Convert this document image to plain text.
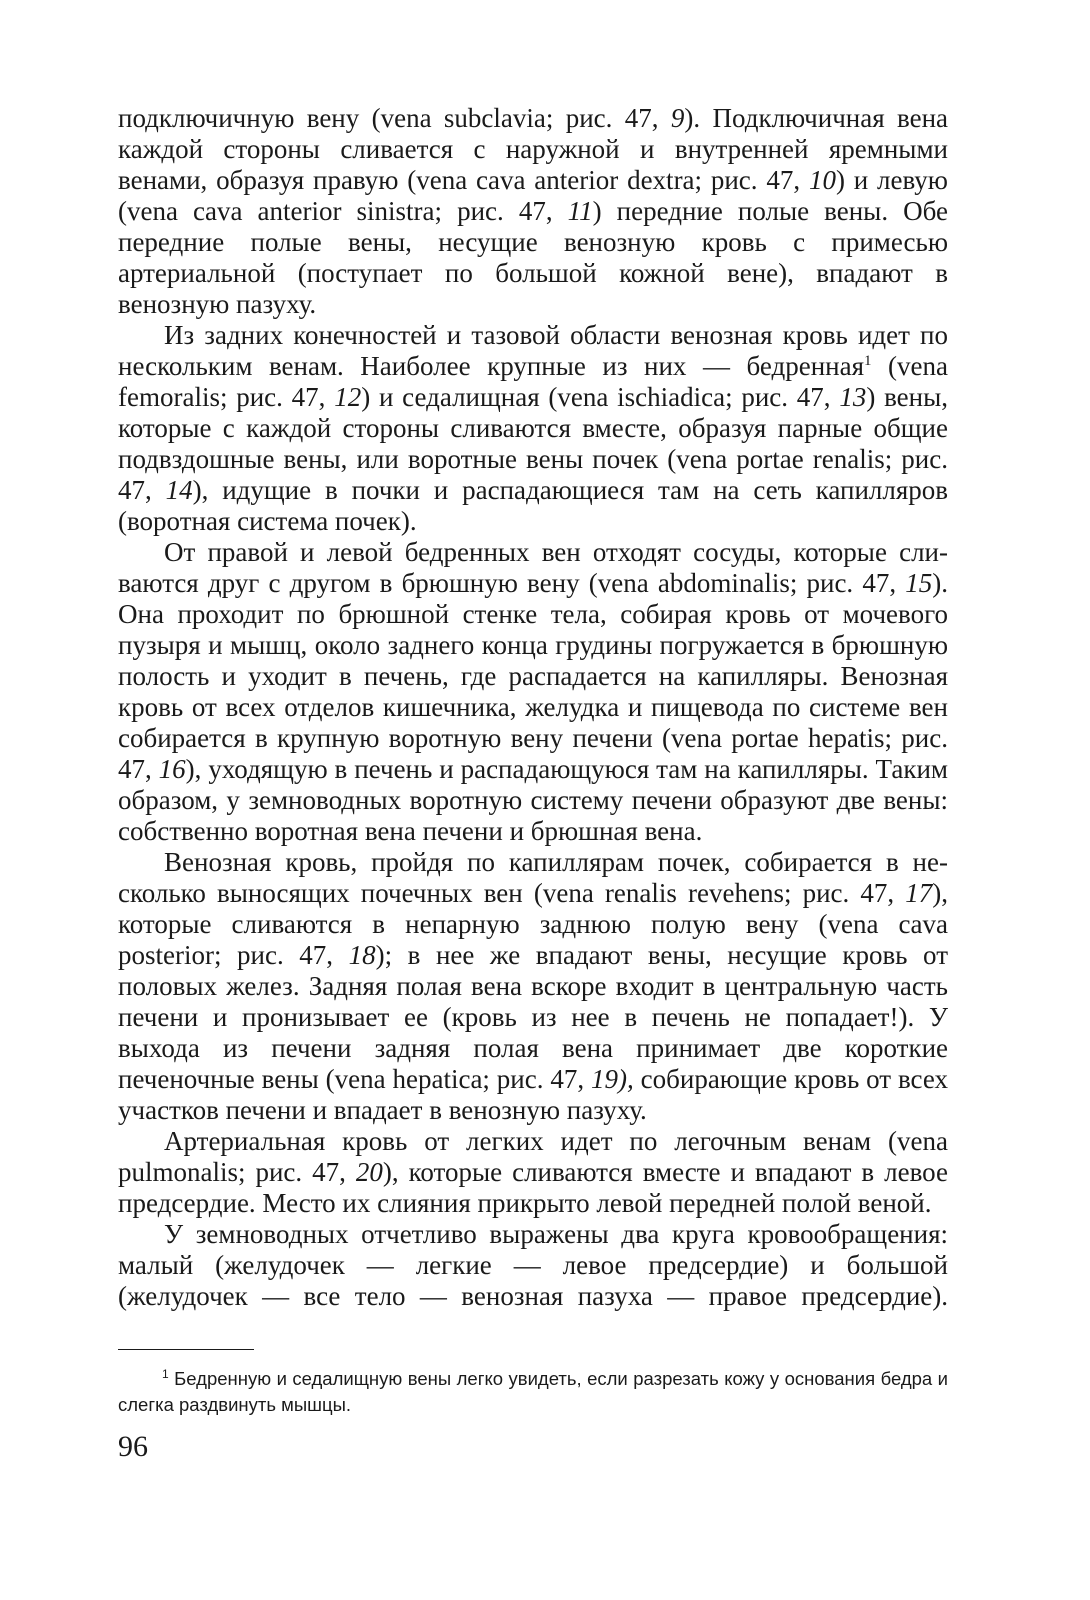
подключичную вену (vena subclavia; рис. 47, 9). Подключичная вена каждой стороны сливается с наружной и внутренней яремными венами, образуя правую (vena cava anterior dextra; рис. 47, 10) и левую (vena cava anterior sinistra; рис. 47, 11) передние полые вены. Обе передние полые вены, несущие венозную кровь с примесью артериальной (поступает по большой кожной вене), впадают в венозную пазуху.

Из задних конечностей и тазовой области венозная кровь идет по нескольким венам. Наиболее крупные из них — бедренная$^1$ (vena femoralis; рис. 47, 12) и седалищная (vena ischiadica; рис. 47, 13) вены, которые с каждой стороны сливаются вместе, образуя парные общие подвздошные вены, или воротные вены почек (vena portae renalis; рис. 47, 14), идущие в почки и распадающиеся там на сеть капилляров (воротная система почек).

От правой и левой бедренных вен отходят сосуды, которые сливаются друг с другом в брюшную вену (vena abdominalis; рис. 47, 15). Она проходит по брюшной стенке тела, собирая кровь от мочевого пузыря и мышц, около заднего конца грудины погружается в брюшную полость и уходит в печень, где распадается на капилляры. Венозная кровь от всех отделов кишечника, желудка и пищевода по системе вен собирается в крупную воротную вену печени (vena portae hepatis; рис. 47, 16), уходящую в печень и распадающуюся там на капилляры. Таким образом, у земноводных воротную систему печени образуют две вены: собственно воротная вена печени и брюшная вена.

Венозная кровь, пройдя по капиллярам почек, собирается в несколько выносящих почечных вен (vena renalis revehens; рис. 47, 17), которые сливаются в непарную заднюю полую вену (vena cava posterior; рис. 47, 18); в нее же впадают вены, несущие кровь от половых желез. Задняя полая вена вскоре входит в центральную часть печени и пронизывает ее (кровь из нее в печень не попадает!). У выхода из печени задняя полая вена принимает две короткие печеночные вены (vena hepatica; рис. 47, 19), собирающие кровь от всех участков печени и впадает в венозную пазуху.

Артериальная кровь от легких идет по легочным венам (vena pulmonalis; рис. 47, 20), которые сливаются вместе и впадают в левое предсердие. Место их слияния прикрыто левой передней полой веной.

У земноводных отчетливо выражены два круга кровообращения: малый (желудочек — легкие — левое предсердие) и большой (желудочек — все тело — венозная пазуха — правое предсердие).

$^1$ Бедренную и седалищную вены легко увидеть, если разрезать кожу у основания бедра и слегка раздвинуть мышцы.

96
